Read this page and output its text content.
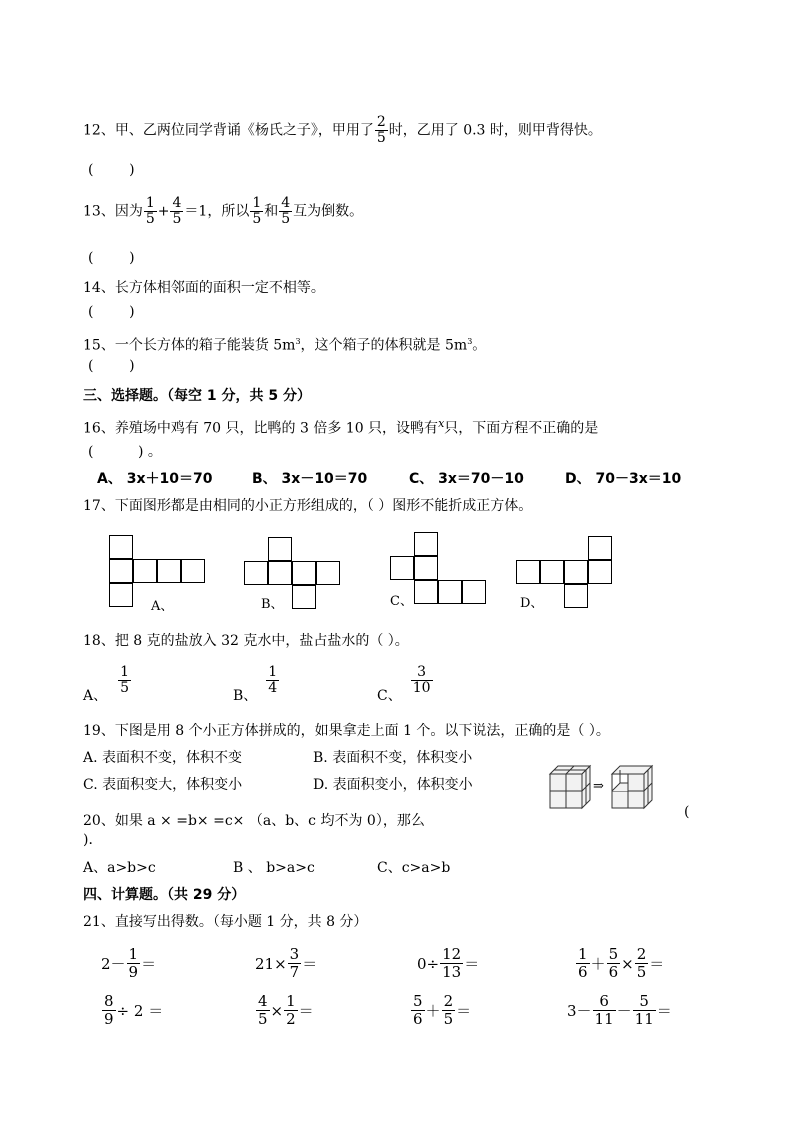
12、甲、乙两位同学背诵《杨氏之子》，甲用了 $\frac{2}{5}$ 时，乙用了 0.3 时，则甲背得快。
(        )
13、因为 $\frac{1}{5} + \frac{4}{5} =1$，所以 $\frac{1}{5}$ 和 $\frac{4}{5}$ 互为倒数。
(        )
14、长方体相邻面的面积一定不相等。
(        )
15、一个长方体的箱子能装货 $5m^3$，这个箱子的体积就是 $5m^3$。
(        )
三、选择题。（每空 1 分，共 5 分）
16、养殖场中鸡有 70 只，比鸭的 3 倍多 10 只，设鸭有$^x$只，下面方程不正确的是
(          ) 。
A、 3x＋10＝70	B、 3x－10＝70	C、 3x＝70－10	D、 70－3x＝10
17、下面图形都是由相同的小正方形组成的，（ ）图形不能折成正方体。
A、	B、	C、	D、
18、把 8 克的盐放入 32 克水中，盐占盐水的（ ）。
A、 $\frac{1}{5}$	B、 $\frac{1}{4}$	C、 $\frac{3}{10}$
19、下图是用 8 个小正方体拼成的，如果拿走上面 1 个。以下说法，正确的是（ ）。
A. 表面积不变，体积不变	B. 表面积不变，体积变小
C. 表面积变大，体积变小	D. 表面积变小，体积变小	⇒
20、如果 a × =b× =c× （a、b、c 均不为 0），那么
(
)．
A、a>b>c	B 、 b>a>c	C、c>a>b
四、计算题。（共 29 分）
21、直接写出得数。（每小题 1 分，共 8 分）
$2- \frac{1}{9}$ ＝	$21\times \frac{3}{7}$ ＝	$0\div \frac{12}{13}$ ＝	$\frac{1}{6} + \frac{5}{6} \times \frac{2}{5}$ ＝
$\frac{8}{9} \div 2$ ＝	$\frac{4}{5} \times \frac{1}{2}$ ＝	$\frac{5}{6} + \frac{2}{5}$ ＝	$3- \frac{6}{11} - \frac{5}{11}$ ＝
